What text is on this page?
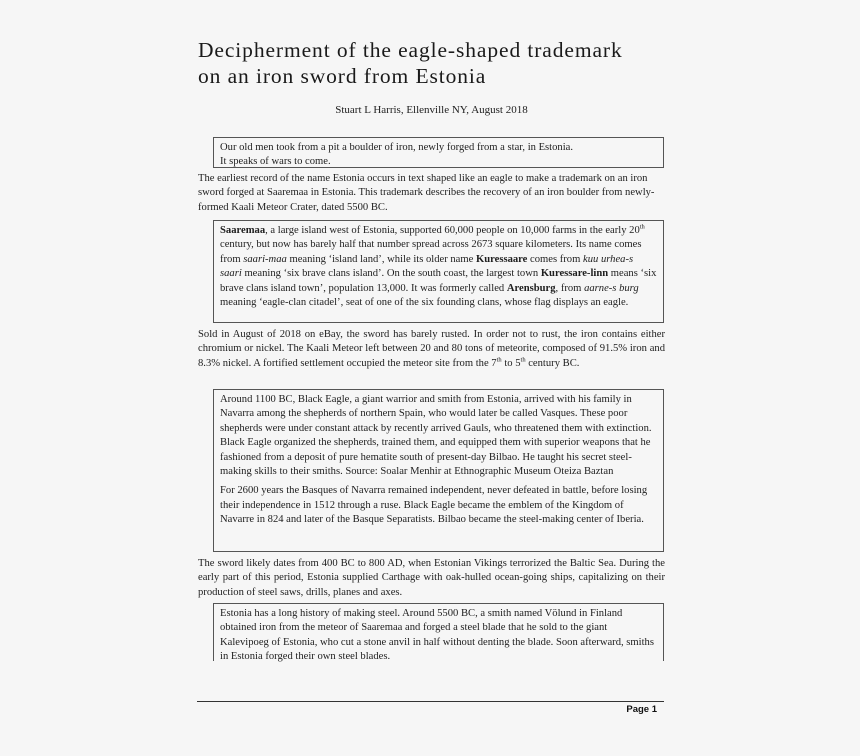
Decipherment of the eagle-shaped trademark
on an iron sword from Estonia
Stuart L Harris, Ellenville NY, August 2018
Our old men took from a pit a boulder of iron, newly forged from a star, in Estonia.
It speaks of wars to come.
The earliest record of the name Estonia occurs in text shaped like an eagle to make a trademark on an iron sword forged at Saaremaa in Estonia. This trademark describes the recovery of an iron boulder from newly-formed Kaali Meteor Crater, dated 5500 BC.

Saaremaa, a large island west of Estonia, supported 60,000 people on 10,000 farms in the early 20th century, but now has barely half that number spread across 2673 square kilometers. Its name comes from saari-maa meaning ‘island land’, while its older name Kuressaare comes from kuu urhea-s saari meaning ‘six brave clans island’. On the south coast, the largest town Kuressare-linn means ‘six brave clans island town’, population 13,000. It was formerly called Arensburg, from aarne-s burg meaning ‘eagle-clan citadel’, seat of one of the six founding clans, whose flag displays an eagle.

Sold in August of 2018 on eBay, the sword has barely rusted. In order not to rust, the iron contains either chromium or nickel. The Kaali Meteor left between 20 and 80 tons of meteorite, composed of 91.5% iron and 8.3% nickel. A fortified settlement occupied the meteor site from the 7th to 5th century BC.

Around 1100 BC, Black Eagle, a giant warrior and smith from Estonia, arrived with his family in Navarra among the shepherds of northern Spain, who would later be called Vasques. These poor shepherds were under constant attack by recently arrived Gauls, who threatened them with extinction. Black Eagle organized the shepherds, trained them, and equipped them with superior weapons that he fashioned from a deposit of pure hematite south of present-day Bilbao. He taught his secret steel-making skills to their smiths. Source: Soalar Menhir at Ethnographic Museum Oteiza Baztan

For 2600 years the Basques of Navarra remained independent, never defeated in battle, before losing their independence in 1512 through a ruse. Black Eagle became the emblem of the Kingdom of Navarre in 824 and later of the Basque Separatists. Bilbao became the steel-making center of Iberia.

The sword likely dates from 400 BC to 800 AD, when Estonian Vikings terrorized the Baltic Sea. During the early part of this period, Estonia supplied Carthage with oak-hulled ocean-going ships, capitalizing on their production of steel saws, drills, planes and axes.

Estonia has a long history of making steel. Around 5500 BC, a smith named Völund in Finland obtained iron from the meteor of Saaremaa and forged a steel blade that he sold to the giant Kalevipoeg of Estonia, who cut a stone anvil in half without denting the blade. Soon afterward, smiths in Estonia forged their own steel blades.

Page 1
